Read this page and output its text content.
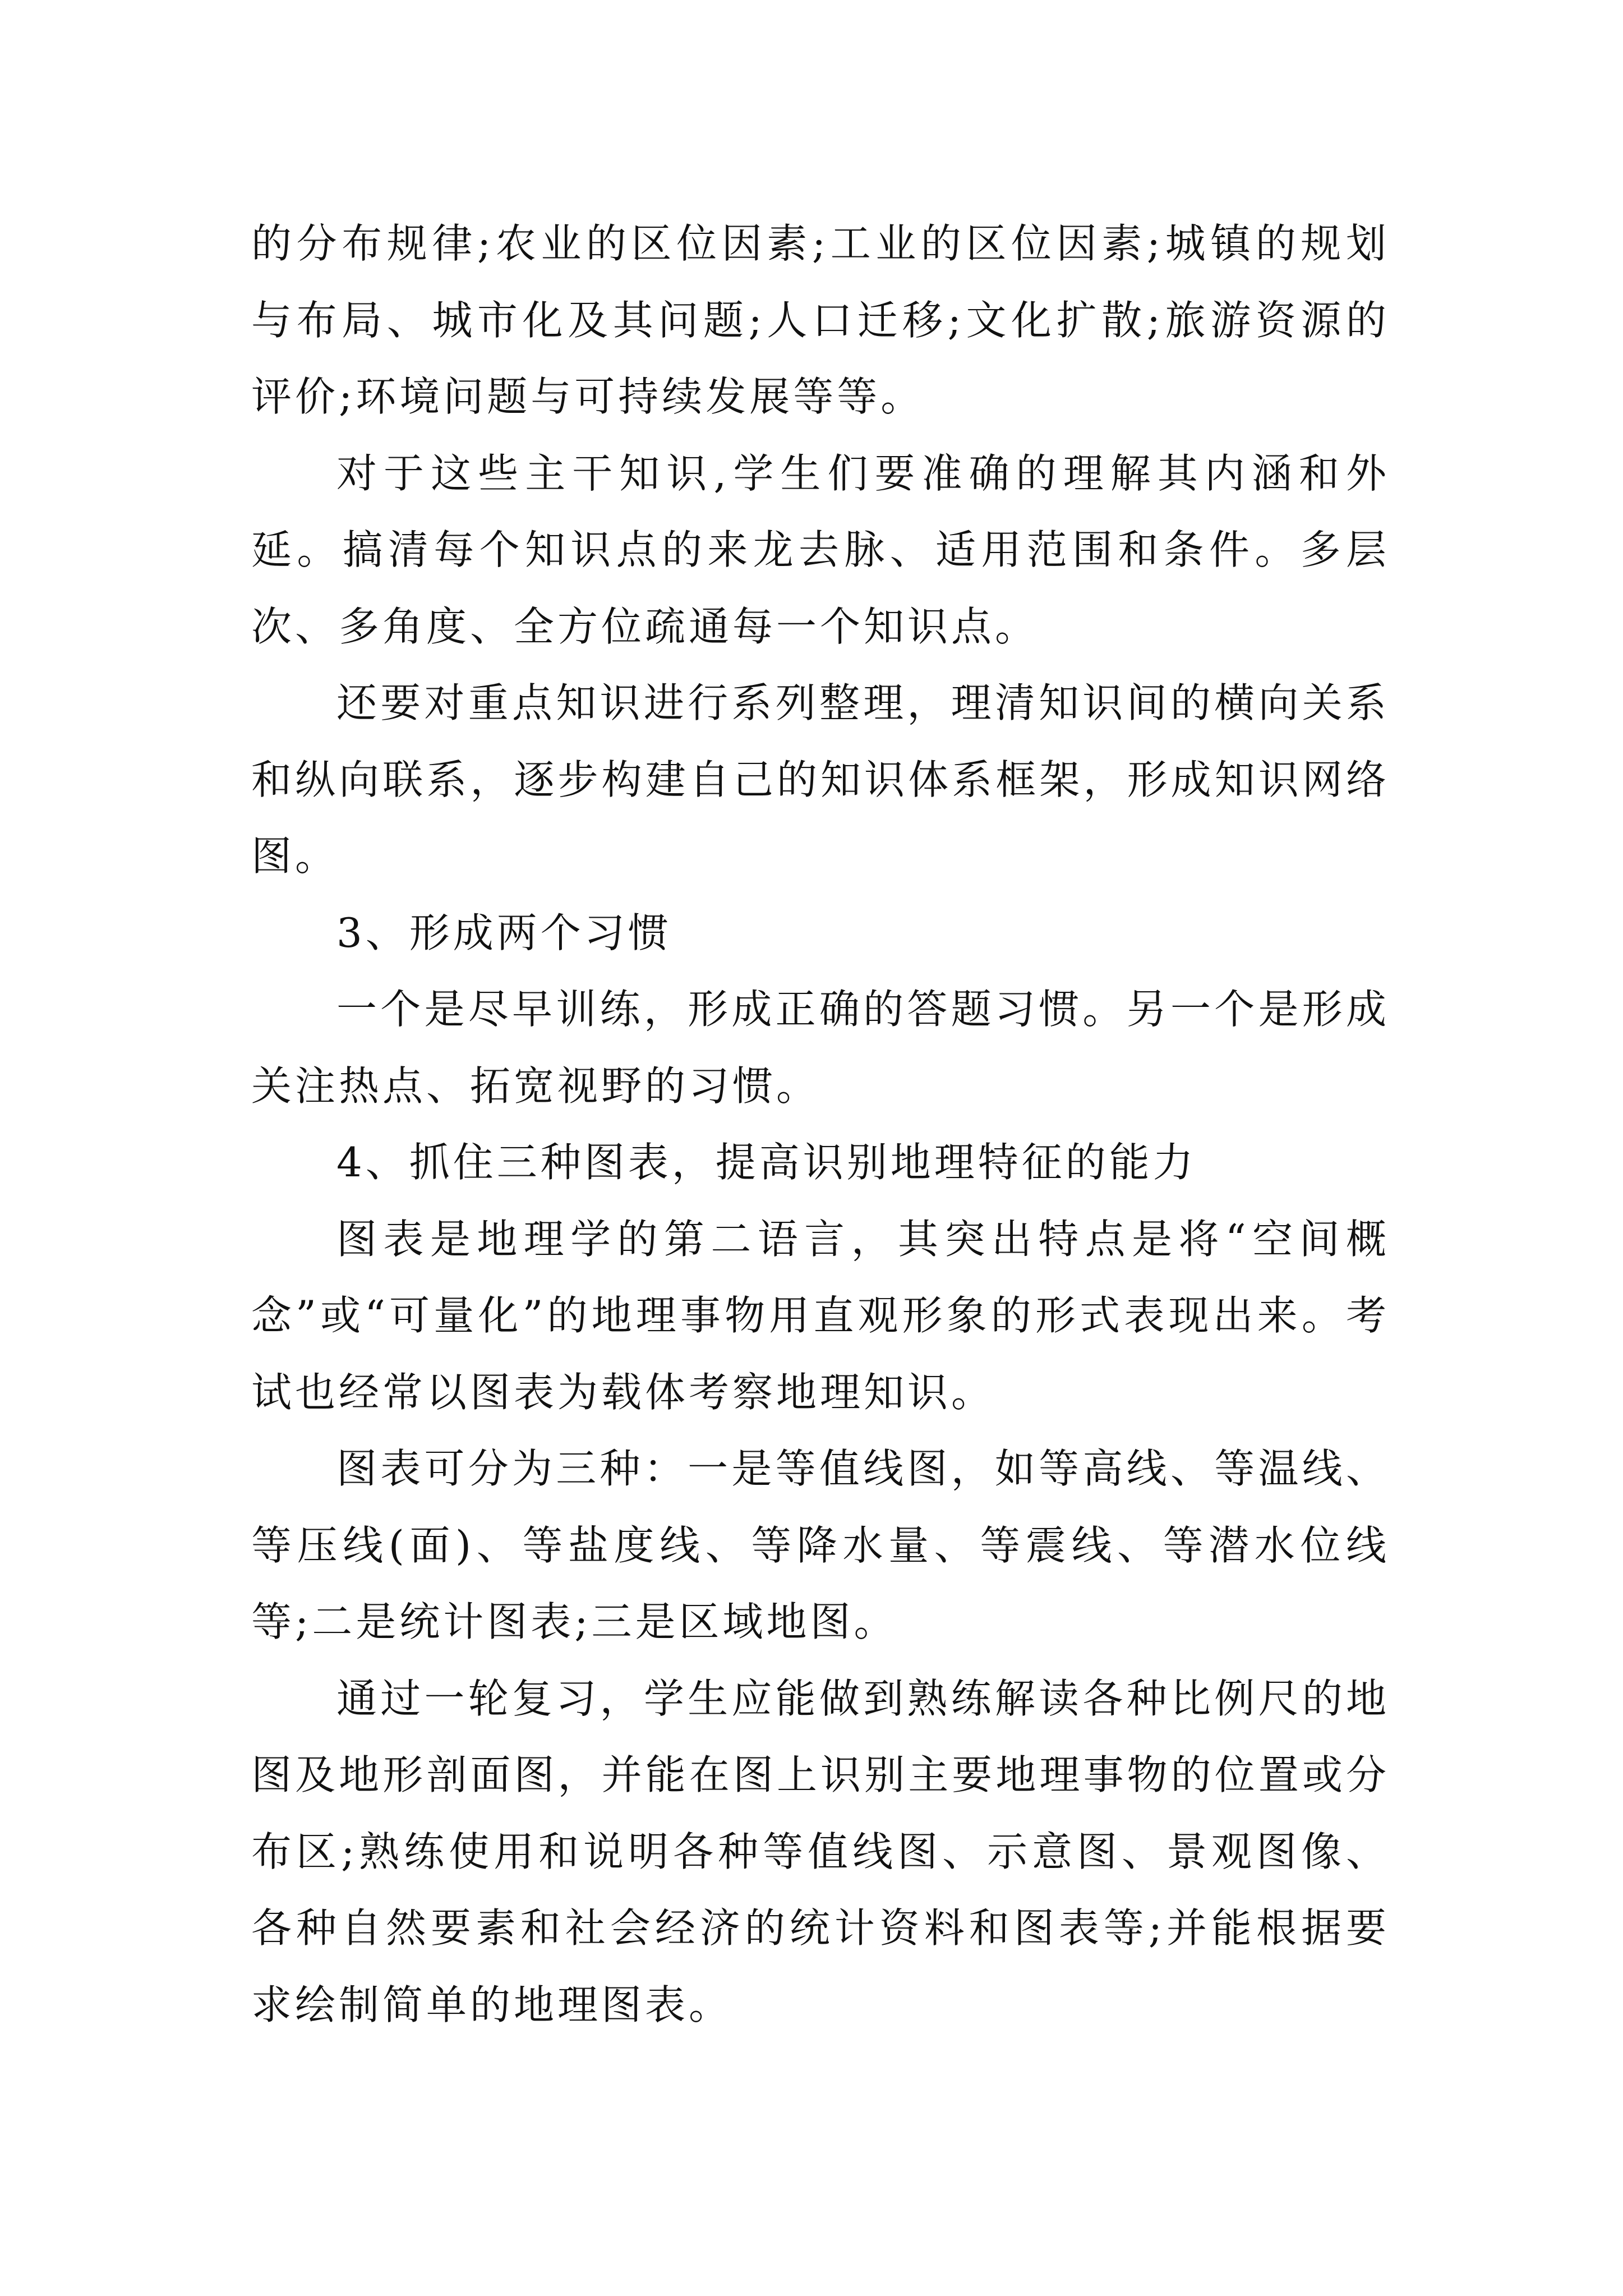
的分布规律;农业的区位因素;工业的区位因素;城镇的规划与布局、城市化及其问题;人口迁移;文化扩散;旅游资源的评价;环境问题与可持续发展等等。

对于这些主干知识,学生们要准确的理解其内涵和外延。搞清每个知识点的来龙去脉、适用范围和条件。多层次、多角度、全方位疏通每一个知识点。

还要对重点知识进行系列整理，理清知识间的横向关系和纵向联系，逐步构建自己的知识体系框架，形成知识网络图。

3、形成两个习惯

一个是尽早训练，形成正确的答题习惯。另一个是形成关注热点、拓宽视野的习惯。

4、抓住三种图表，提高识别地理特征的能力

图表是地理学的第二语言，其突出特点是将“空间概念”或“可量化”的地理事物用直观形象的形式表现出来。考试也经常以图表为载体考察地理知识。

图表可分为三种：一是等值线图，如等高线、等温线、等压线(面)、等盐度线、等降水量、等震线、等潜水位线等;二是统计图表;三是区域地图。

通过一轮复习，学生应能做到熟练解读各种比例尺的地图及地形剖面图，并能在图上识别主要地理事物的位置或分布区;熟练使用和说明各种等值线图、示意图、景观图像、各种自然要素和社会经济的统计资料和图表等;并能根据要求绘制简单的地理图表。
